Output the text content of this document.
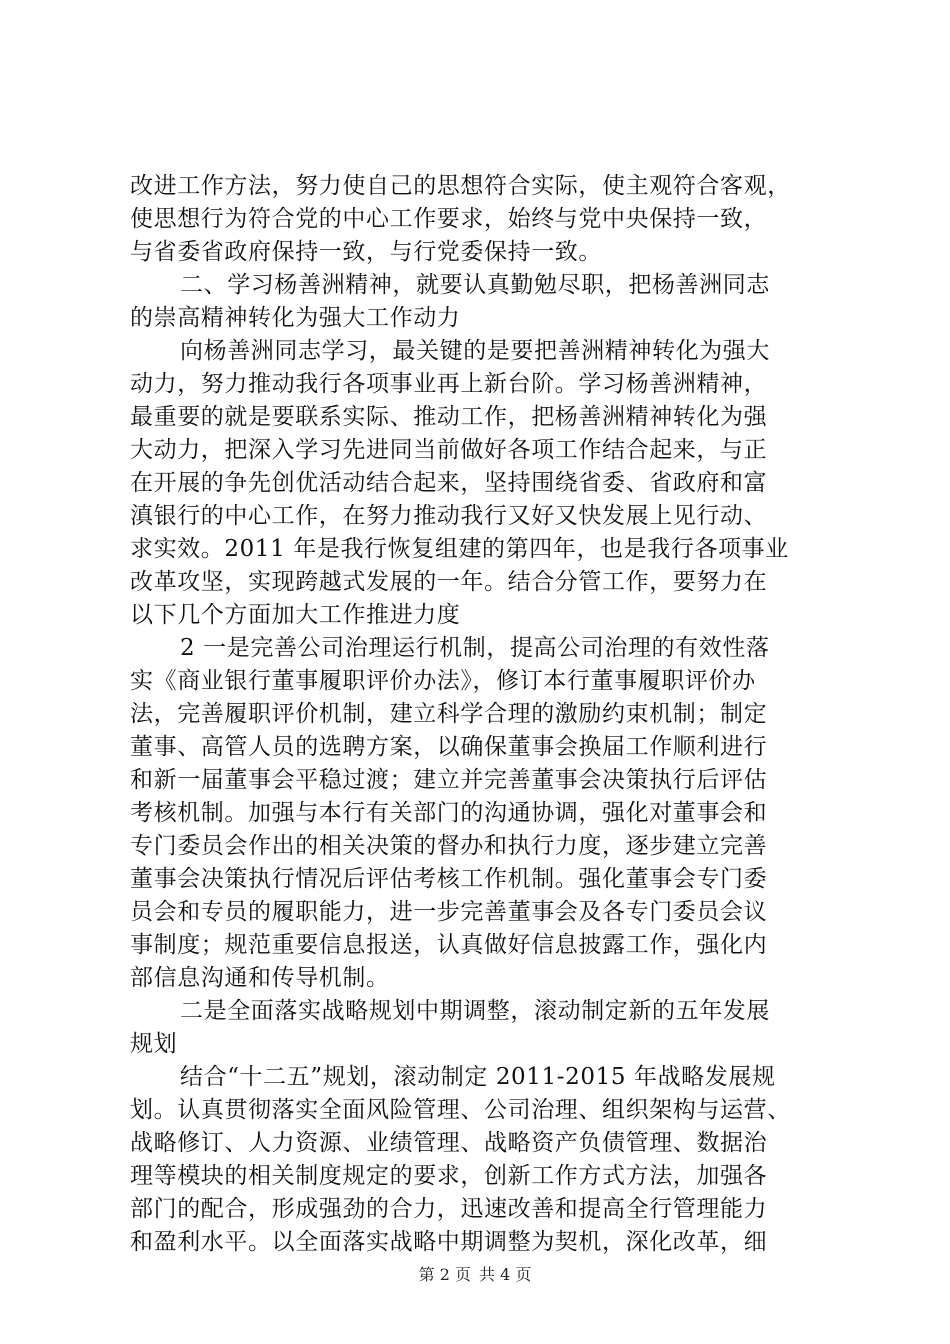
改进工作方法，努力使自己的思想符合实际，使主观符合客观，
使思想行为符合党的中心工作要求，始终与党中央保持一致，
与省委省政府保持一致，与行党委保持一致。
二、学习杨善洲精神，就要认真勤勉尽职，把杨善洲同志
的崇高精神转化为强大工作动力
向杨善洲同志学习，最关键的是要把善洲精神转化为强大
动力，努力推动我行各项事业再上新台阶。学习杨善洲精神，
最重要的就是要联系实际、推动工作，把杨善洲精神转化为强
大动力，把深入学习先进同当前做好各项工作结合起来，与正
在开展的争先创优活动结合起来，坚持围绕省委、省政府和富
滇银行的中心工作，在努力推动我行又好又快发展上见行动、
求实效。2011 年是我行恢复组建的第四年，也是我行各项事业
改革攻坚，实现跨越式发展的一年。结合分管工作，要努力在
以下几个方面加大工作推进力度
2 一是完善公司治理运行机制，提高公司治理的有效性落
实《商业银行董事履职评价办法》，修订本行董事履职评价办
法，完善履职评价机制，建立科学合理的激励约束机制；制定
董事、高管人员的选聘方案，以确保董事会换届工作顺利进行
和新一届董事会平稳过渡；建立并完善董事会决策执行后评估
考核机制。加强与本行有关部门的沟通协调，强化对董事会和
专门委员会作出的相关决策的督办和执行力度，逐步建立完善
董事会决策执行情况后评估考核工作机制。强化董事会专门委
员会和专员的履职能力，进一步完善董事会及各专门委员会议
事制度；规范重要信息报送，认真做好信息披露工作，强化内
部信息沟通和传导机制。
二是全面落实战略规划中期调整，滚动制定新的五年发展
规划
结合“十二五”规划，滚动制定 2011-2015 年战略发展规
划。认真贯彻落实全面风险管理、公司治理、组织架构与运营、
战略修订、人力资源、业绩管理、战略资产负债管理、数据治
理等模块的相关制度规定的要求，创新工作方式方法，加强各
部门的配合，形成强劲的合力，迅速改善和提高全行管理能力
和盈利水平。以全面落实战略中期调整为契机，深化改革，细
第 2 页 共 4 页
